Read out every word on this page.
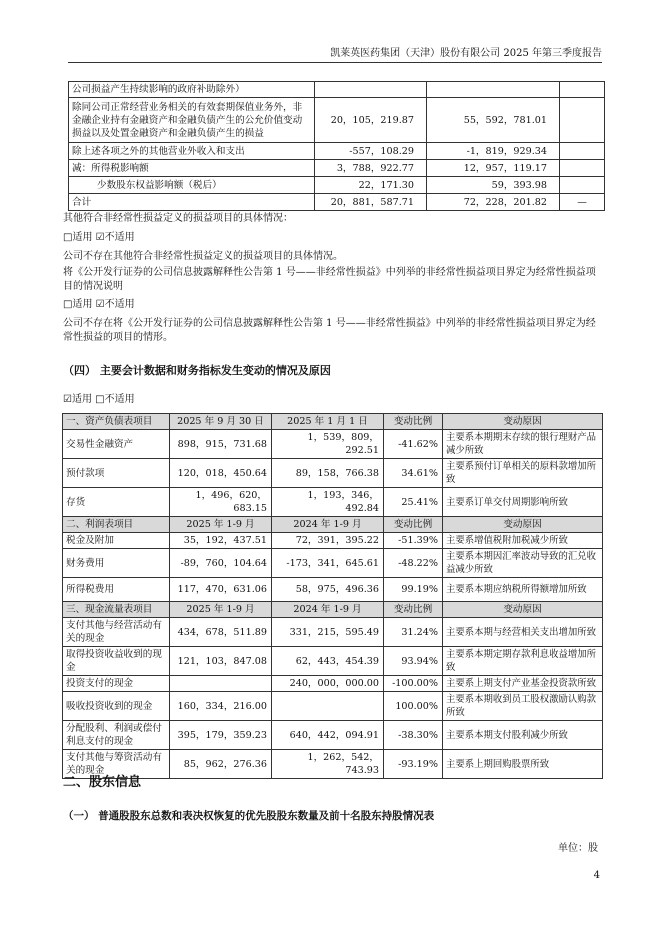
凯莱英医药集团（天津）股份有限公司 2025 年第三季度报告
公司损益产生持续影响的政府补助除外）			
除同公司正常经营业务相关的有效套期保值业务外，非金融企业持有金融资产和金融负债产生的公允价值变动损益以及处置金融资产和金融负债产生的损益	20，105，219.87	55，592，781.01	
除上述各项之外的其他营业外收入和支出	-557，108.29	-1，819，929.34	
减：所得税影响额	3，788，922.77	12，957，119.17	
少数股东权益影响额（税后）	22，171.30	59，393.98	
合计	20，881，587.71	72，228，201.82	—

其他符合非经常性损益定义的损益项目的具体情况：

□适用 ☑不适用

公司不存在其他符合非经常性损益定义的损益项目的具体情况。

将《公开发行证券的公司信息披露解释性公告第 1 号——非经常性损益》中列举的非经常性损益项目界定为经常性损益项目的情况说明

□适用 ☑不适用

公司不存在将《公开发行证券的公司信息披露解释性公告第 1 号——非经常性损益》中列举的非经常性损益项目界定为经常性损益的项目的情形。

（四） 主要会计数据和财务指标发生变动的情况及原因

☑适用 □不适用

一、资产负债表项目	2025 年 9 月 30 日	2025 年 1 月 1 日	变动比例	变动原因
交易性金融资产	898，915，731.68	1，539，809，292.51	-41.62%	主要系本期期末存续的银行理财产品减少所致
预付款项	120，018，450.64	89，158，766.38	34.61%	主要系预付订单相关的原料款增加所致
存货	1，496，620，683.15	1，193，346，492.84	25.41%	主要系订单交付周期影响所致
二、利润表项目	2025 年 1-9 月	2024 年 1-9 月	变动比例	变动原因
税金及附加	35，192，437.51	72，391，395.22	-51.39%	主要系增值税附加税减少所致
财务费用	-89，760，104.64	-173，341，645.61	-48.22%	主要系本期因汇率波动导致的汇兑收益减少所致
所得税费用	117，470，631.06	58，975，496.36	99.19%	主要系本期应纳税所得额增加所致
三、现金流量表项目	2025 年 1-9 月	2024 年 1-9 月	变动比例	变动原因
支付其他与经营活动有关的现金	434，678，511.89	331，215，595.49	31.24%	主要系本期与经营相关支出增加所致
取得投资收益收到的现金	121，103，847.08	62，443，454.39	93.94%	主要系本期定期存款利息收益增加所致
投资支付的现金		240，000，000.00	-100.00%	主要系上期支付产业基金投资款所致
吸收投资收到的现金	160，334，216.00		100.00%	主要系本期收到员工股权激励认购款所致
分配股利、利润或偿付利息支付的现金	395，179，359.23	640，442，094.91	-38.30%	主要系本期支付股利减少所致
支付其他与筹资活动有关的现金	85，962，276.36	1，262，542，743.93	-93.19%	主要系上期回购股票所致
二、股东信息
（一） 普通股股东总数和表决权恢复的优先股股东数量及前十名股东持股情况表
单位：股
4
